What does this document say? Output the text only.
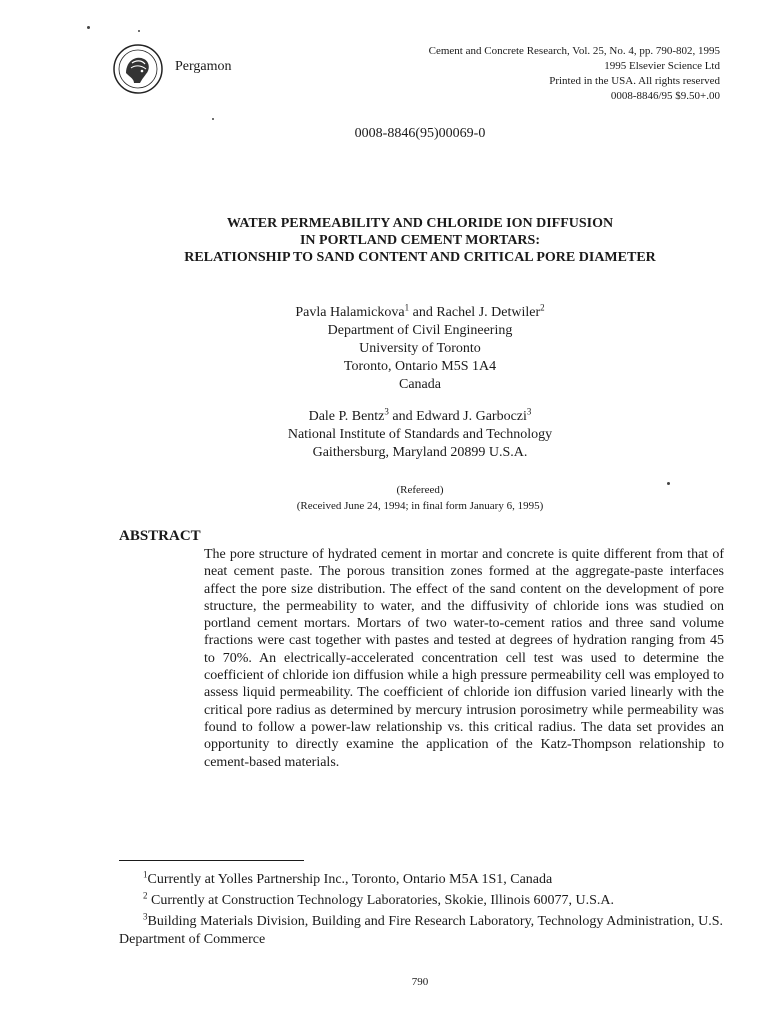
Pergamon
Cement and Concrete Research, Vol. 25, No. 4, pp. 790-802, 1995
1995 Elsevier Science Ltd
Printed in the USA. All rights reserved
0008-8846/95 $9.50+.00
0008-8846(95)00069-0
WATER PERMEABILITY AND CHLORIDE ION DIFFUSION
IN PORTLAND CEMENT MORTARS:
RELATIONSHIP TO SAND CONTENT AND CRITICAL PORE DIAMETER
Pavla Halamickova$^1$ and Rachel J. Detwiler$^2$
Department of Civil Engineering
University of Toronto
Toronto, Ontario M5S 1A4
Canada
Dale P. Bentz$^3$ and Edward J. Garboczi$^3$
National Institute of Standards and Technology
Gaithersburg, Maryland 20899 U.S.A.
(Refereed)
(Received June 24, 1994; in final form January 6, 1995)
ABSTRACT
The pore structure of hydrated cement in mortar and concrete is quite different from that of neat cement paste. The porous transition zones formed at the aggregate-paste interfaces affect the pore size distribution. The effect of the sand content on the development of pore structure, the permeability to water, and the diffusivity of chloride ions was studied on portland cement mortars. Mortars of two water-to-cement ratios and three sand volume fractions were cast together with pastes and tested at degrees of hydration ranging from 45 to 70%. An electrically-accelerated concentration cell test was used to determine the coefficient of chloride ion diffusion while a high pressure permeability cell was employed to assess liquid permeability. The coefficient of chloride ion diffusion varied linearly with the critical pore radius as determined by mercury intrusion porosimetry while permeability was found to follow a power-law relationship vs. this critical radius. The data set provides an opportunity to directly examine the application of the Katz-Thompson relationship to cement-based materials.
$^1$Currently at Yolles Partnership Inc., Toronto, Ontario M5A 1S1, Canada
$^2$ Currently at Construction Technology Laboratories, Skokie, Illinois 60077, U.S.A.
$^3$Building Materials Division, Building and Fire Research Laboratory, Technology Administration, U.S. Department of Commerce
790
